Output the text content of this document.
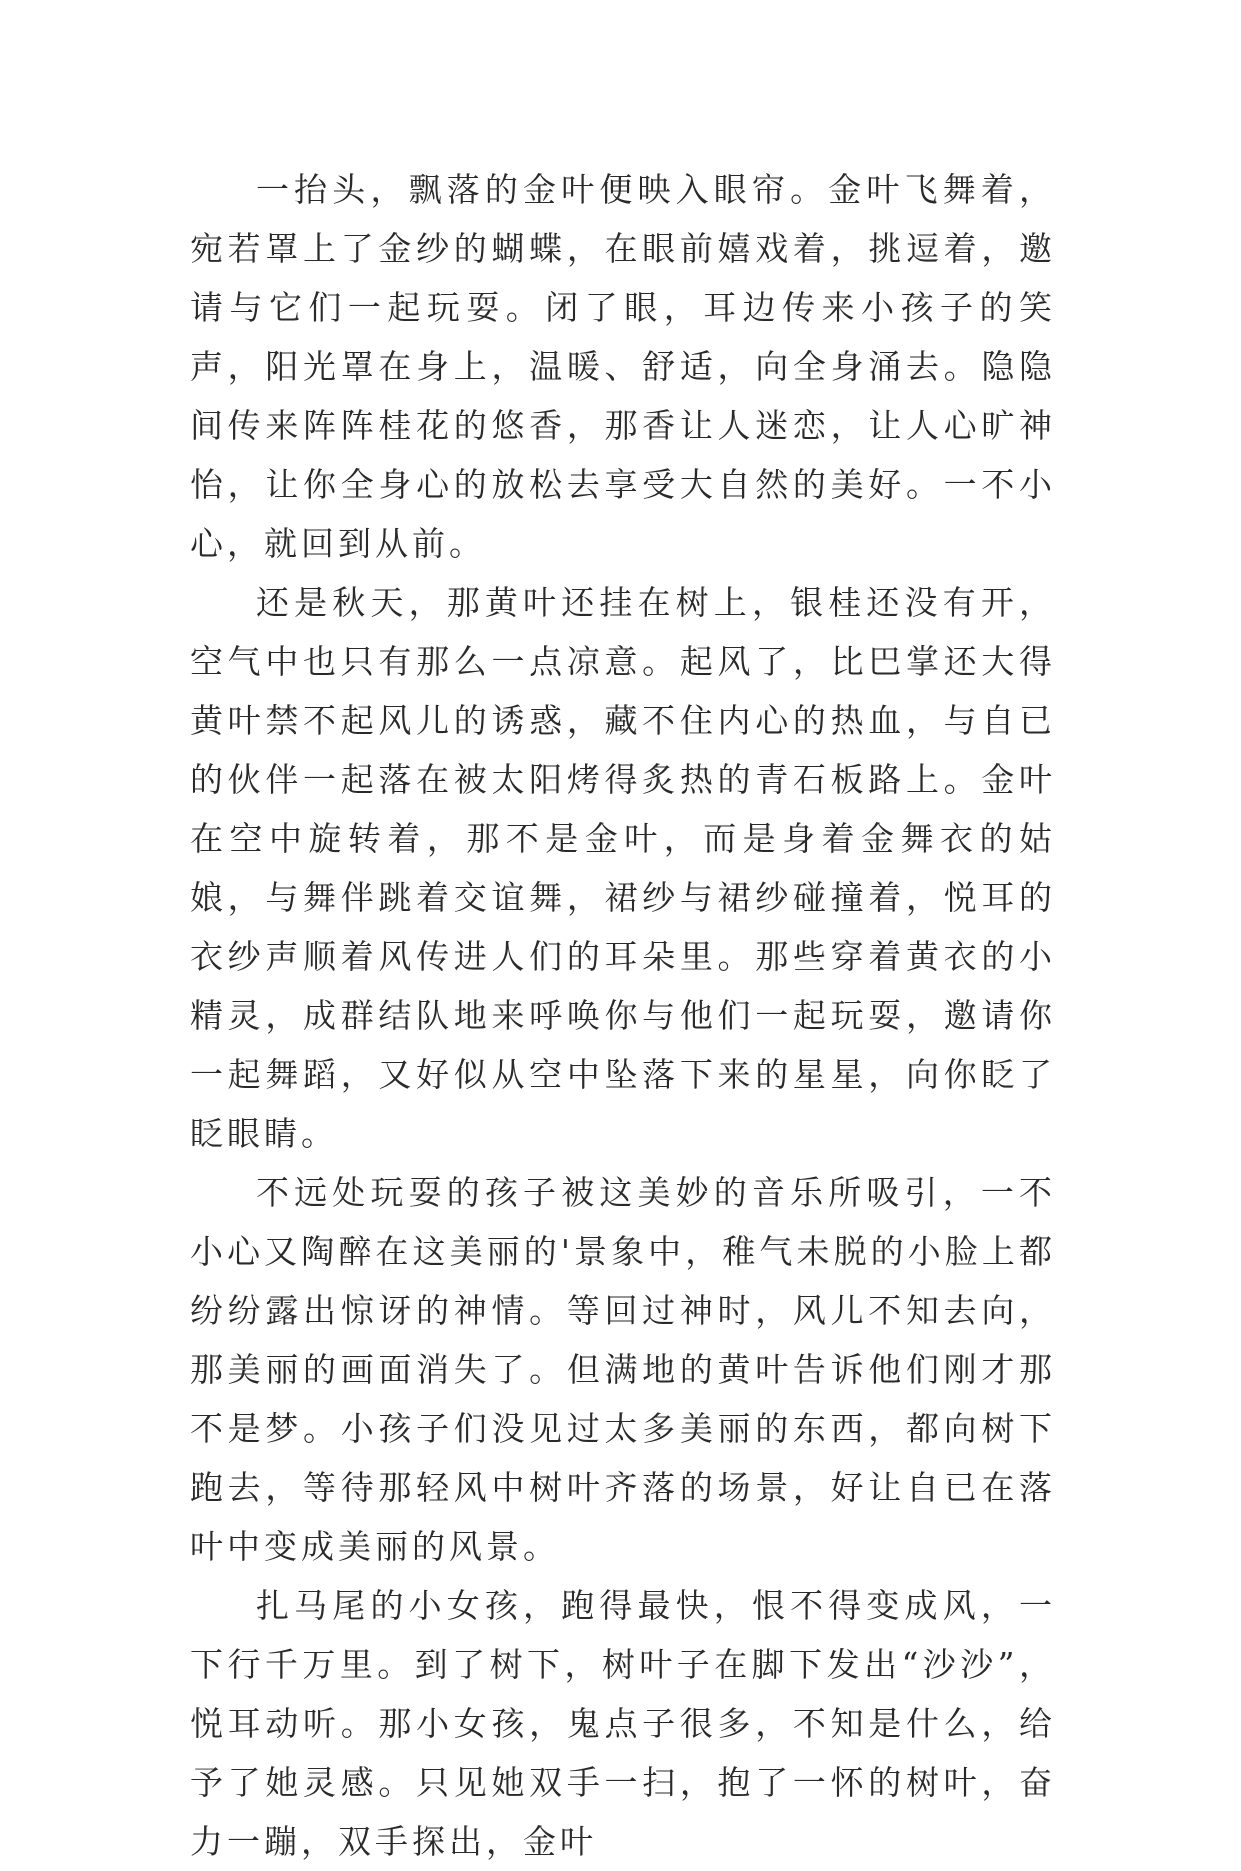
一抬头，飘落的金叶便映入眼帘。金叶飞舞着，宛若罩上了金纱的蝴蝶，在眼前嬉戏着，挑逗着，邀请与它们一起玩耍。闭了眼，耳边传来小孩子的笑声，阳光罩在身上，温暖、舒适，向全身涌去。隐隐间传来阵阵桂花的悠香，那香让人迷恋，让人心旷神怡，让你全身心的放松去享受大自然的美好。一不小心，就回到从前。

还是秋天，那黄叶还挂在树上，银桂还没有开，空气中也只有那么一点凉意。起风了，比巴掌还大得黄叶禁不起风儿的诱惑，藏不住内心的热血，与自已的伙伴一起落在被太阳烤得炙热的青石板路上。金叶在空中旋转着，那不是金叶，而是身着金舞衣的姑娘，与舞伴跳着交谊舞，裙纱与裙纱碰撞着，悦耳的衣纱声顺着风传进人们的耳朵里。那些穿着黄衣的小精灵，成群结队地来呼唤你与他们一起玩耍，邀请你一起舞蹈，又好似从空中坠落下来的星星，向你眨了眨眼睛。

不远处玩耍的孩子被这美妙的音乐所吸引，一不小心又陶醉在这美丽的'景象中，稚气未脱的小脸上都纷纷露出惊讶的神情。等回过神时，风儿不知去向，那美丽的画面消失了。但满地的黄叶告诉他们刚才那不是梦。小孩子们没见过太多美丽的东西，都向树下跑去，等待那轻风中树叶齐落的场景，好让自已在落叶中变成美丽的风景。

扎马尾的小女孩，跑得最快，恨不得变成风，一下行千万里。到了树下，树叶子在脚下发出“沙沙”，悦耳动听。那小女孩，鬼点子很多，不知是什么，给予了她灵感。只见她双手一扫，抱了一怀的树叶，奋力一蹦，双手探出，金叶
